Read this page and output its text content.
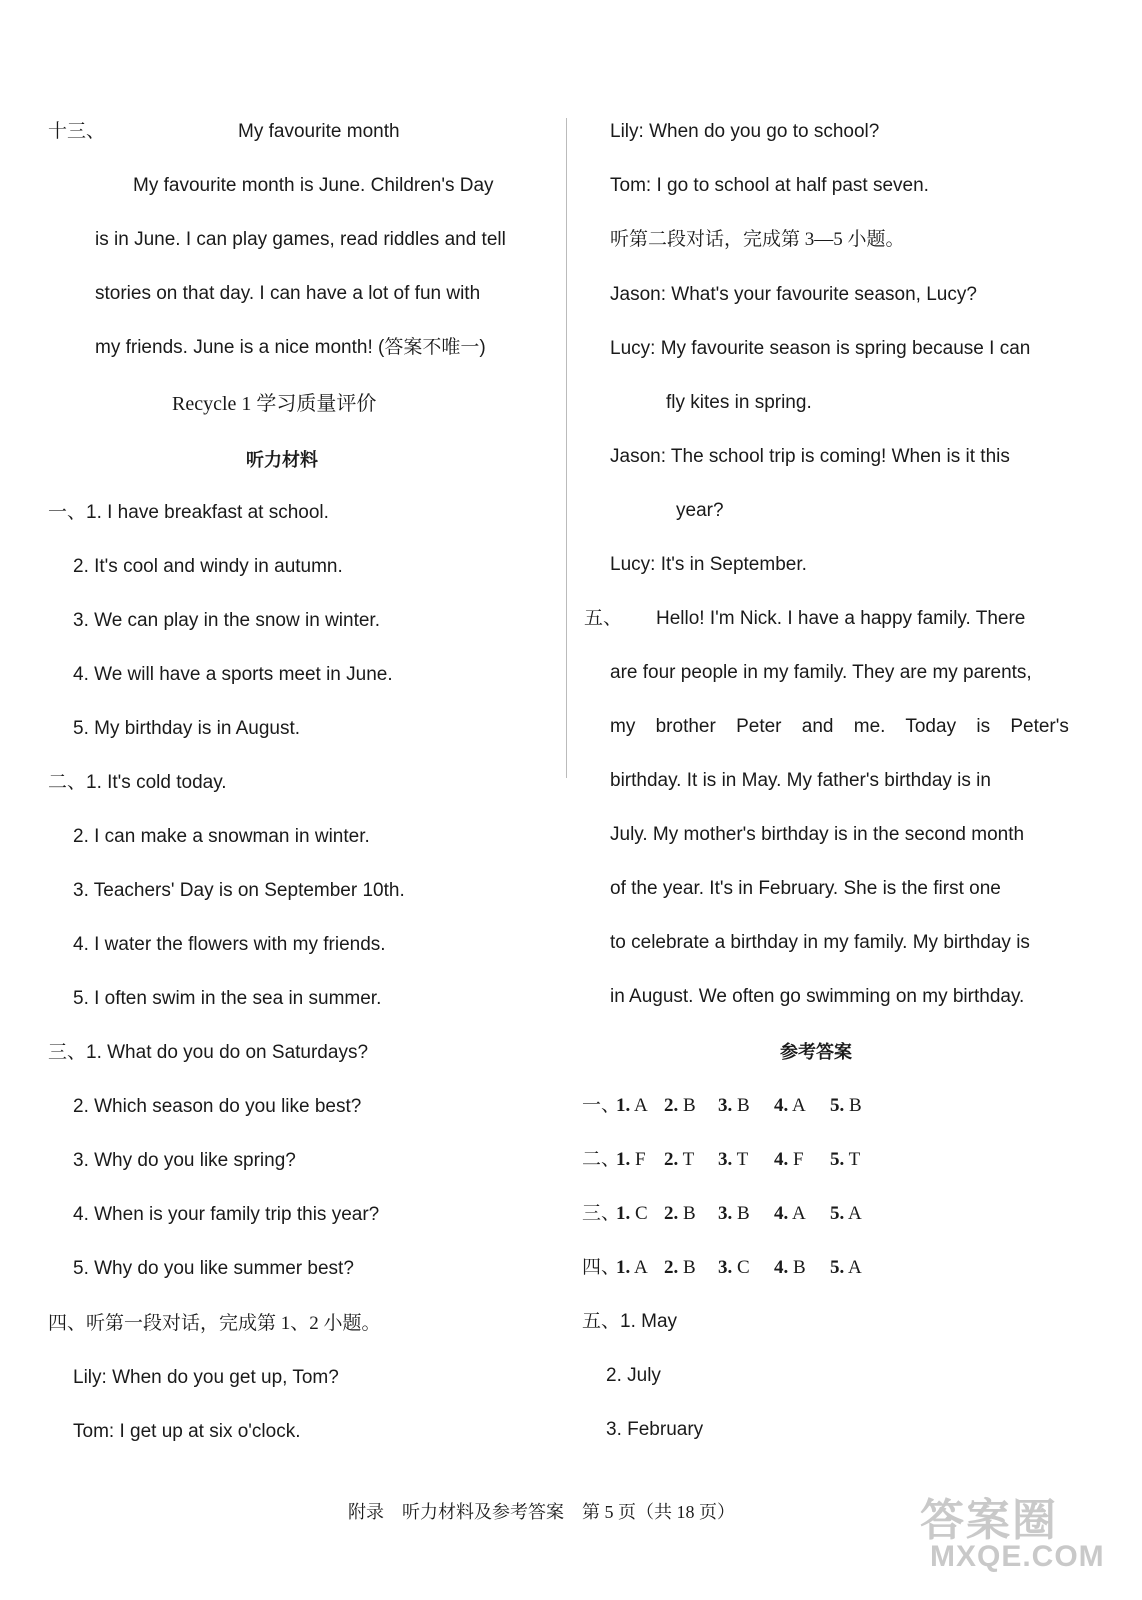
十三、	My favourite month
My favourite month is June. Children's Day
is in June. I can play games, read riddles and tell
stories on that day. I can have a lot of fun with
my friends. June is a nice month! (答案不唯一)
Recycle 1 学习质量评价
听力材料
一、1. I have breakfast at school.
2. It's cool and windy in autumn.
3. We can play in the snow in winter.
4. We will have a sports meet in June.
5. My birthday is in August.
二、1. It's cold today.
2. I can make a snowman in winter.
3. Teachers' Day is on September 10th.
4. I water the flowers with my friends.
5. I often swim in the sea in summer.
三、1. What do you do on Saturdays?
2. Which season do you like best?
3. Why do you like spring?
4. When is your family trip this year?
5. Why do you like summer best?
四、听第一段对话，完成第 1、2 小题。
Lily: When do you get up, Tom?
Tom: I get up at six o'clock.
Lily: When do you go to school?
Tom: I go to school at half past seven.
听第二段对话，完成第 3—5 小题。
Jason: What's your favourite season, Lucy?
Lucy: My favourite season is spring because I can
fly kites in spring.
Jason: The school trip is coming! When is it this
year?
Lucy: It's in September.
五、 Hello! I'm Nick. I have a happy family. There
are four people in my family. They are my parents,
my brother Peter and me. Today is Peter's
birthday. It is in May. My father's birthday is in
July. My mother's birthday is in the second month
of the year. It's in February. She is the first one
to celebrate a birthday in my family. My birthday is
in August. We often go swimming on my birthday.
参考答案
一、
1. A 2. B 3. B 4. A 5. B
二、
1. F 2. T 3. T 4. F 5. T
三、
1. C 2. B 3. B 4. A 5. A
四、
1. A 2. B 3. C 4. B 5. A
五、1. May
2. July
3. February
附录　听力材料及参考答案　第 5 页（共 18 页）	答案圈
MXQE.COM
